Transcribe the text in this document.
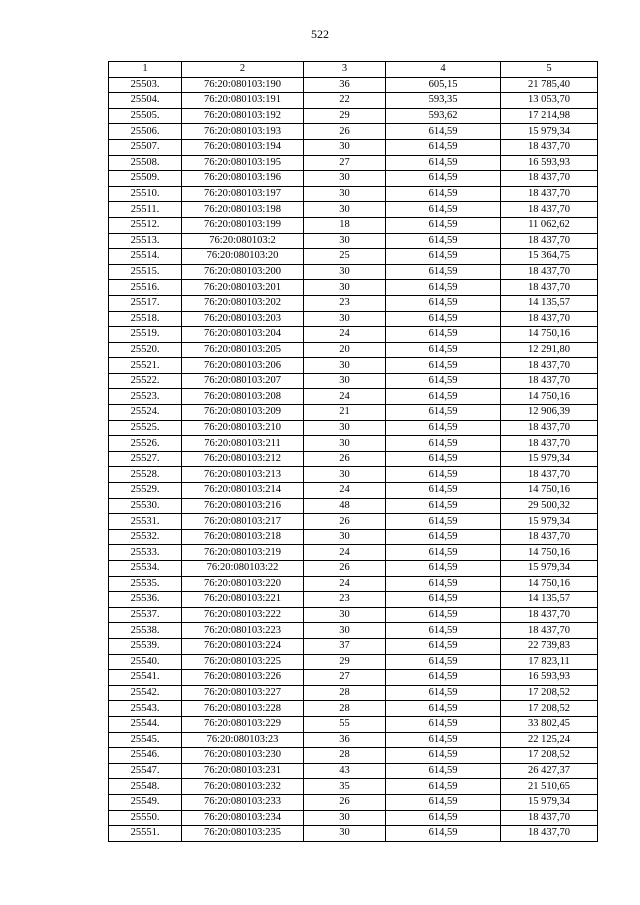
522
1	2	3	4	5
25503.	76:20:080103:190	36	605,15	21 785,40
25504.	76:20:080103:191	22	593,35	13 053,70
25505.	76:20:080103:192	29	593,62	17 214,98
25506.	76:20:080103:193	26	614,59	15 979,34
25507.	76:20:080103:194	30	614,59	18 437,70
25508.	76:20:080103:195	27	614,59	16 593,93
25509.	76:20:080103:196	30	614,59	18 437,70
25510.	76:20:080103:197	30	614,59	18 437,70
25511.	76:20:080103:198	30	614,59	18 437,70
25512.	76:20:080103:199	18	614,59	11 062,62
25513.	76:20:080103:2	30	614,59	18 437,70
25514.	76:20:080103:20	25	614,59	15 364,75
25515.	76:20:080103:200	30	614,59	18 437,70
25516.	76:20:080103:201	30	614,59	18 437,70
25517.	76:20:080103:202	23	614,59	14 135,57
25518.	76:20:080103:203	30	614,59	18 437,70
25519.	76:20:080103:204	24	614,59	14 750,16
25520.	76:20:080103:205	20	614,59	12 291,80
25521.	76:20:080103:206	30	614,59	18 437,70
25522.	76:20:080103:207	30	614,59	18 437,70
25523.	76:20:080103:208	24	614,59	14 750,16
25524.	76:20:080103:209	21	614,59	12 906,39
25525.	76:20:080103:210	30	614,59	18 437,70
25526.	76:20:080103:211	30	614,59	18 437,70
25527.	76:20:080103:212	26	614,59	15 979,34
25528.	76:20:080103:213	30	614,59	18 437,70
25529.	76:20:080103:214	24	614,59	14 750,16
25530.	76:20:080103:216	48	614,59	29 500,32
25531.	76:20:080103:217	26	614,59	15 979,34
25532.	76:20:080103:218	30	614,59	18 437,70
25533.	76:20:080103:219	24	614,59	14 750,16
25534.	76:20:080103:22	26	614,59	15 979,34
25535.	76:20:080103:220	24	614,59	14 750,16
25536.	76:20:080103:221	23	614,59	14 135,57
25537.	76:20:080103:222	30	614,59	18 437,70
25538.	76:20:080103:223	30	614,59	18 437,70
25539.	76:20:080103:224	37	614,59	22 739,83
25540.	76:20:080103:225	29	614,59	17 823,11
25541.	76:20:080103:226	27	614,59	16 593,93
25542.	76:20:080103:227	28	614,59	17 208,52
25543.	76:20:080103:228	28	614,59	17 208,52
25544.	76:20:080103:229	55	614,59	33 802,45
25545.	76:20:080103:23	36	614,59	22 125,24
25546.	76:20:080103:230	28	614,59	17 208,52
25547.	76:20:080103:231	43	614,59	26 427,37
25548.	76:20:080103:232	35	614,59	21 510,65
25549.	76:20:080103:233	26	614,59	15 979,34
25550.	76:20:080103:234	30	614,59	18 437,70
25551.	76:20:080103:235	30	614,59	18 437,70
